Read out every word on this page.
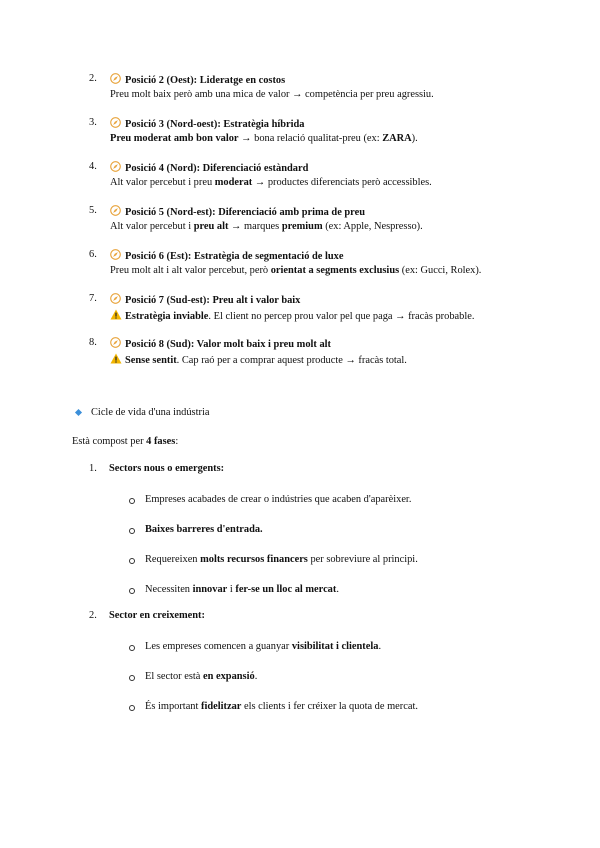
2.	Posició 2 (Oest): Lideratge en costos
Preu molt baix però amb una mica de valor → competència per preu agressiu.
3.	Posició 3 (Nord-oest): Estratègia híbrida
Preu moderat amb bon valor → bona relació qualitat-preu (ex: ZARA).
4.	Posició 4 (Nord): Diferenciació estàndard
Alt valor percebut i preu moderat → productes diferenciats però accessibles.
5.	Posició 5 (Nord-est): Diferenciació amb prima de preu
Alt valor percebut i preu alt → marques premium (ex: Apple, Nespresso).
6.	Posició 6 (Est): Estratègia de segmentació de luxe
Preu molt alt i alt valor percebut, però orientat a segments exclusius (ex: Gucci, Rolex).
7.	Posició 7 (Sud-est): Preu alt i valor baix
Estratègia inviable. El client no percep prou valor pel que paga → fracàs probable.
8.	Posició 8 (Sud): Valor molt baix i preu molt alt
Sense sentit. Cap raó per a comprar aquest producte → fracàs total.
Cicle de vida d'una indústria
Està compost per 4 fases:
1. Sectors nous o emergents:
Empreses acabades de crear o indústries que acaben d'aparèixer.
Baixes barreres d'entrada.
Requereixen molts recursos financers per sobreviure al principi.
Necessiten innovar i fer-se un lloc al mercat.
2. Sector en creixement:
Les empreses comencen a guanyar visibilitat i clientela.
El sector està en expansió.
És important fidelitzar els clients i fer créixer la quota de mercat.
